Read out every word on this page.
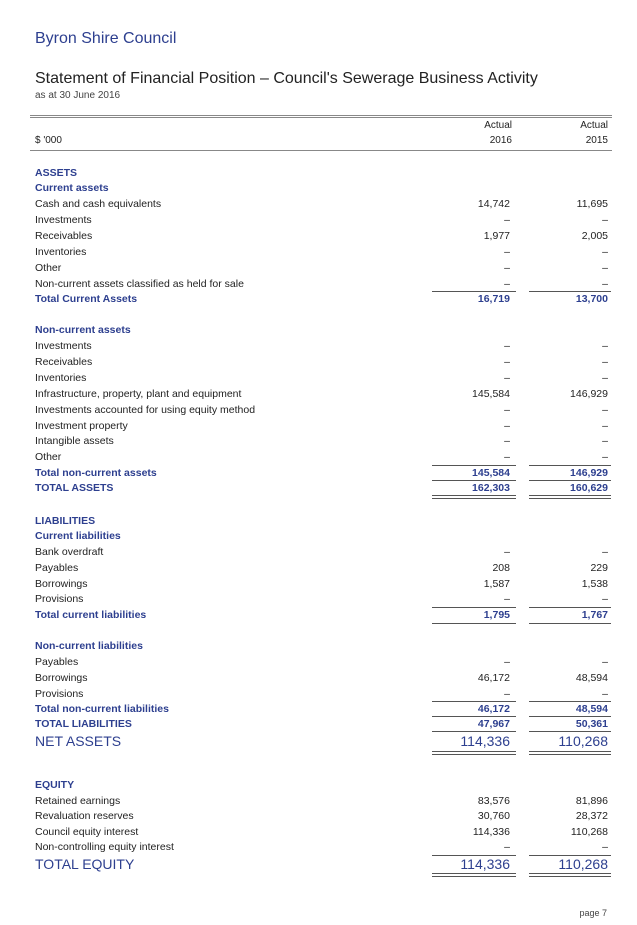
Byron Shire Council
Statement of Financial Position – Council's Sewerage Business Activity
as at 30 June 2016
$ '000
Actual
2016
Actual
2015
ASSETS
Current assets
Cash and cash equivalents	14,742	11,695
Investments	–	–
Receivables	1,977	2,005
Inventories	–	–
Other	–	–
Non-current assets classified as held for sale	–	–
Total Current Assets	16,719	13,700
Non-current assets
Investments	–	–
Receivables	–	–
Inventories	–	–
Infrastructure, property, plant and equipment	145,584	146,929
Investments accounted for using equity method	–	–
Investment property	–	–
Intangible assets	–	–
Other	–	–
Total non-current assets	145,584	146,929
TOTAL ASSETS	162,303	160,629
LIABILITIES
Current liabilities
Bank overdraft	–	–
Payables	208	229
Borrowings	1,587	1,538
Provisions	–	–
Total current liabilities	1,795	1,767
Non-current liabilities
Payables	–	–
Borrowings	46,172	48,594
Provisions	–	–
Total non-current liabilities	46,172	48,594
TOTAL LIABILITIES	47,967	50,361
NET ASSETS	114,336	110,268
EQUITY
Retained earnings	83,576	81,896
Revaluation reserves	30,760	28,372
Council equity interest	114,336	110,268
Non-controlling equity interest	–	–
TOTAL EQUITY	114,336	110,268
page 7
